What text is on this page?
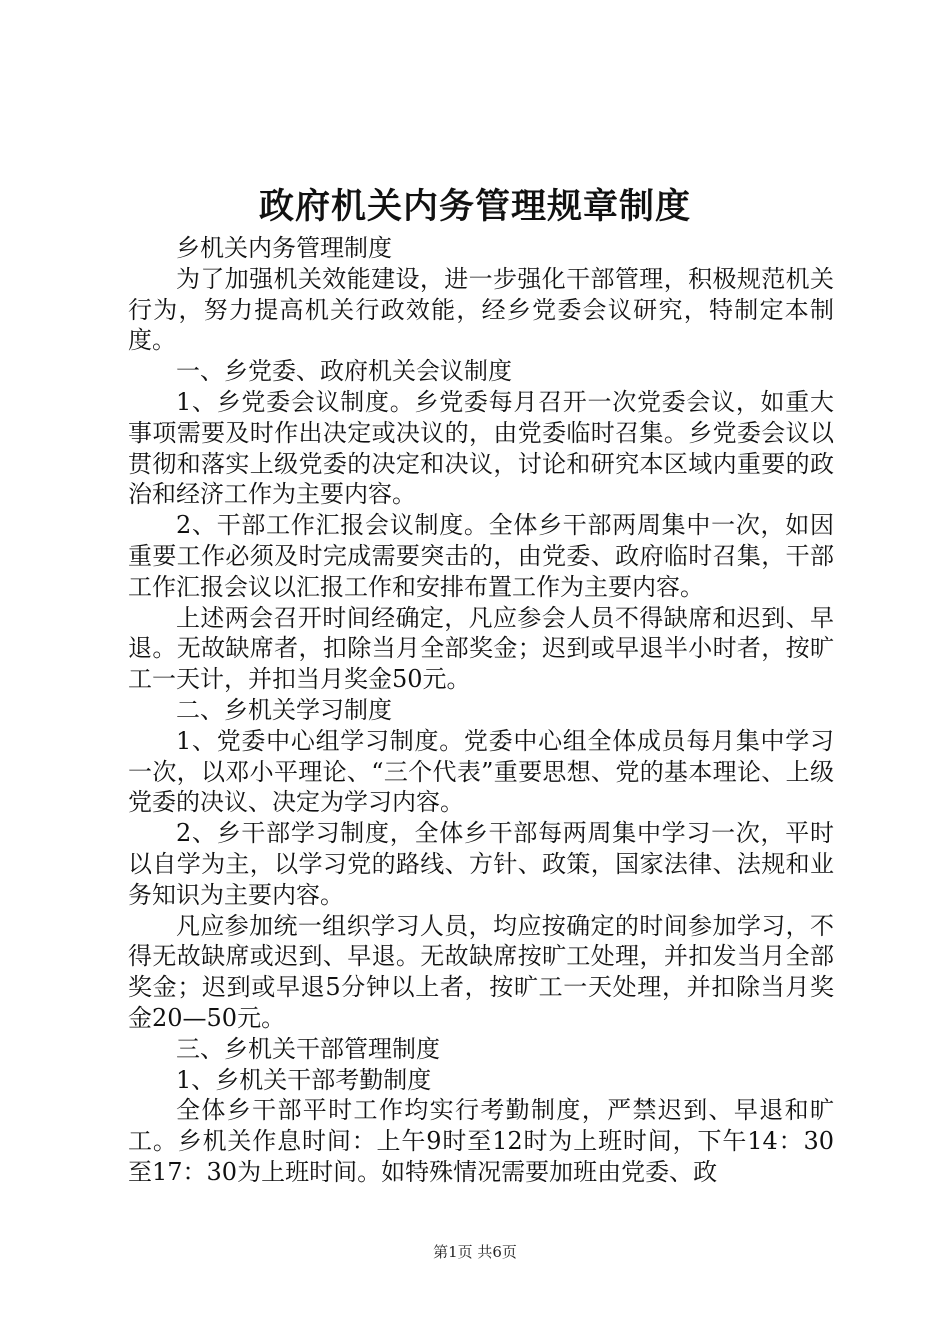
政府机关内务管理规章制度

乡机关内务管理制度

为了加强机关效能建设，进一步强化干部管理，积极规范机关行为，努力提高机关行政效能，经乡党委会议研究，特制定本制度。

一、乡党委、政府机关会议制度

1、乡党委会议制度。乡党委每月召开一次党委会议，如重大事项需要及时作出决定或决议的，由党委临时召集。乡党委会议以贯彻和落实上级党委的决定和决议，讨论和研究本区域内重要的政治和经济工作为主要内容。

2、干部工作汇报会议制度。全体乡干部两周集中一次，如因重要工作必须及时完成需要突击的，由党委、政府临时召集，干部工作汇报会议以汇报工作和安排布置工作为主要内容。

上述两会召开时间经确定，凡应参会人员不得缺席和迟到、早退。无故缺席者，扣除当月全部奖金；迟到或早退半小时者，按旷工一天计，并扣当月奖金50元。

二、乡机关学习制度

1、党委中心组学习制度。党委中心组全体成员每月集中学习一次，以邓小平理论、“三个代表”重要思想、党的基本理论、上级党委的决议、决定为学习内容。

2、乡干部学习制度，全体乡干部每两周集中学习一次，平时以自学为主，以学习党的路线、方针、政策，国家法律、法规和业务知识为主要内容。

凡应参加统一组织学习人员，均应按确定的时间参加学习，不得无故缺席或迟到、早退。无故缺席按旷工处理，并扣发当月全部奖金；迟到或早退5分钟以上者，按旷工一天处理，并扣除当月奖金20—50元。

三、乡机关干部管理制度

1、乡机关干部考勤制度

全体乡干部平时工作均实行考勤制度，严禁迟到、早退和旷工。乡机关作息时间：上午9时至12时为上班时间，下午14：30至17：30为上班时间。如特殊情况需要加班由党委、政

第1页 共6页
